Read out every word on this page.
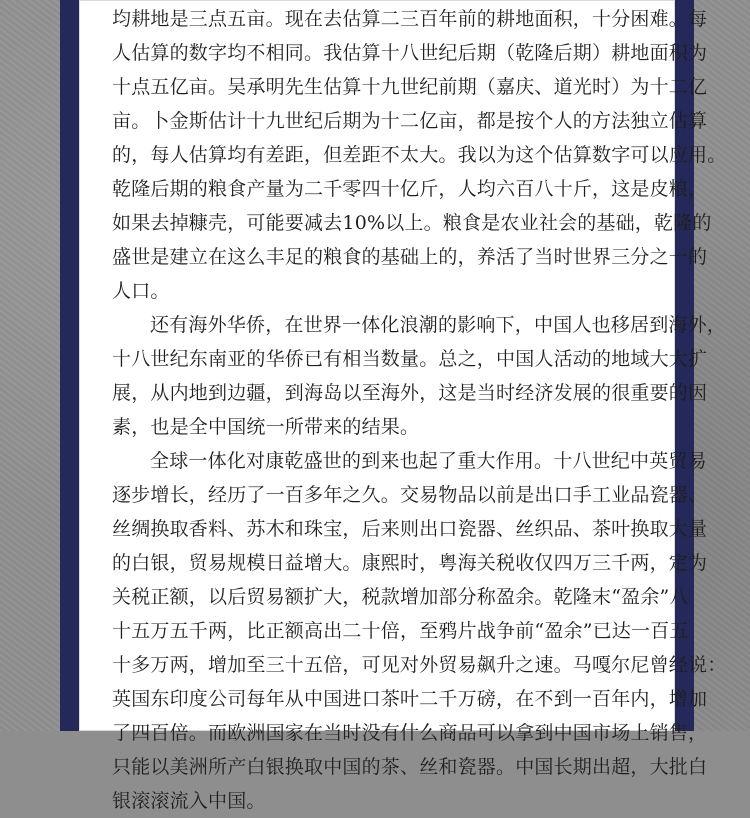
均耕地是三点五亩。现在去估算二三百年前的耕地面积，十分困难。每
人估算的数字均不相同。我估算十八世纪后期（乾隆后期）耕地面积为
十点五亿亩。吴承明先生估算十九世纪前期（嘉庆、道光时）为十二亿
亩。卜金斯估计十九世纪后期为十二亿亩，都是按个人的方法独立估算
的，每人估算均有差距，但差距不太大。我以为这个估算数字可以应用。
乾隆后期的粮食产量为二千零四十亿斤，人均六百八十斤，这是皮粮，
如果去掉糠壳，可能要减去10%以上。粮食是农业社会的基础，乾隆的
盛世是建立在这么丰足的粮食的基础上的，养活了当时世界三分之一的
人口。
还有海外华侨，在世界一体化浪潮的影响下，中国人也移居到海外，
十八世纪东南亚的华侨已有相当数量。总之，中国人活动的地域大大扩
展，从内地到边疆，到海岛以至海外，这是当时经济发展的很重要的因
素，也是全中国统一所带来的结果。
全球一体化对康乾盛世的到来也起了重大作用。十八世纪中英贸易
逐步增长，经历了一百多年之久。交易物品以前是出口手工业品瓷器、
丝绸换取香料、苏木和珠宝，后来则出口瓷器、丝织品、茶叶换取大量
的白银，贸易规模日益增大。康熙时，粤海关税收仅四万三千两，定为
关税正额，以后贸易额扩大，税款增加部分称盈余。乾隆末“盈余”八
十五万五千两，比正额高出二十倍，至鸦片战争前“盈余”已达一百五
十多万两，增加至三十五倍，可见对外贸易飙升之速。马嘎尔尼曾经说：
英国东印度公司每年从中国进口茶叶二千万磅，在不到一百年内，增加
了四百倍。而欧洲国家在当时没有什么商品可以拿到中国市场上销售，
只能以美洲所产白银换取中国的茶、丝和瓷器。中国长期出超，大批白
银滚滚流入中国。
